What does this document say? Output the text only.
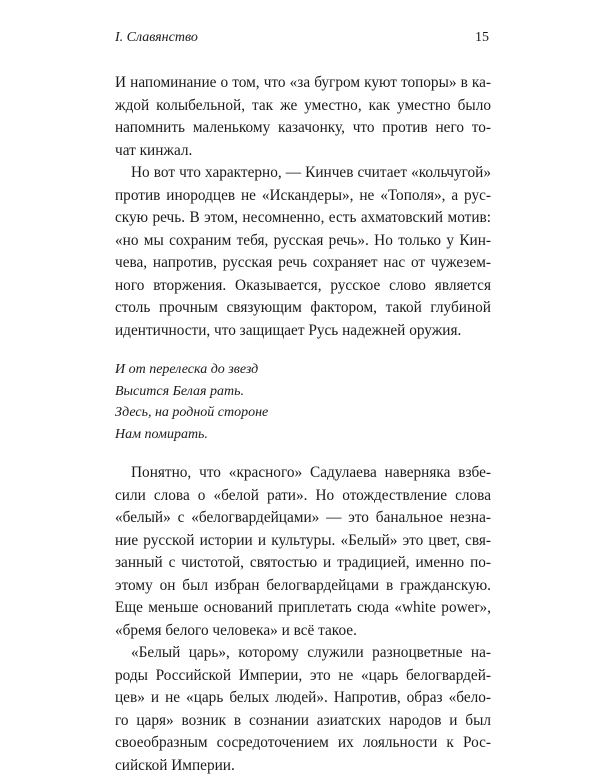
I. Славянство	15
И напоминание о том, что «за бугром куют топоры» в ка-
ждой колыбельной, так же уместно, как уместно было
напомнить маленькому казачонку, что против него то-
чат кинжал.
Но вот что характерно, — Кинчев считает «кольчугой»
против инородцев не «Искандеры», не «Тополя», а рус-
скую речь. В этом, несомненно, есть ахматовский мотив:
«но мы сохраним тебя, русская речь». Но только у Кин-
чева, напротив, русская речь сохраняет нас от чужезем-
ного вторжения. Оказывается, русское слово является
столь прочным связующим фактором, такой глубиной
идентичности, что защищает Русь надежней оружия.
И от перелеска до звезд
Высится Белая рать.
Здесь, на родной стороне
Нам помирать.
Понятно, что «красного» Садулаева наверняка взбе-
сили слова о «белой рати». Но отождествление слова
«белый» с «белогвардейцами» — это банальное незна-
ние русской истории и культуры. «Белый» это цвет, свя-
занный с чистотой, святостью и традицией, именно по-
этому он был избран белогвардейцами в гражданскую.
Еще меньше оснований приплетать сюда «white power»,
«бремя белого человека» и всё такое.
«Белый царь», которому служили разноцветные на-
роды Российской Империи, это не «царь белогвардей-
цев» и не «царь белых людей». Напротив, образ «бело-
го царя» возник в сознании азиатских народов и был
своеобразным сосредоточением их лояльности к Рос-
сийской Империи.
